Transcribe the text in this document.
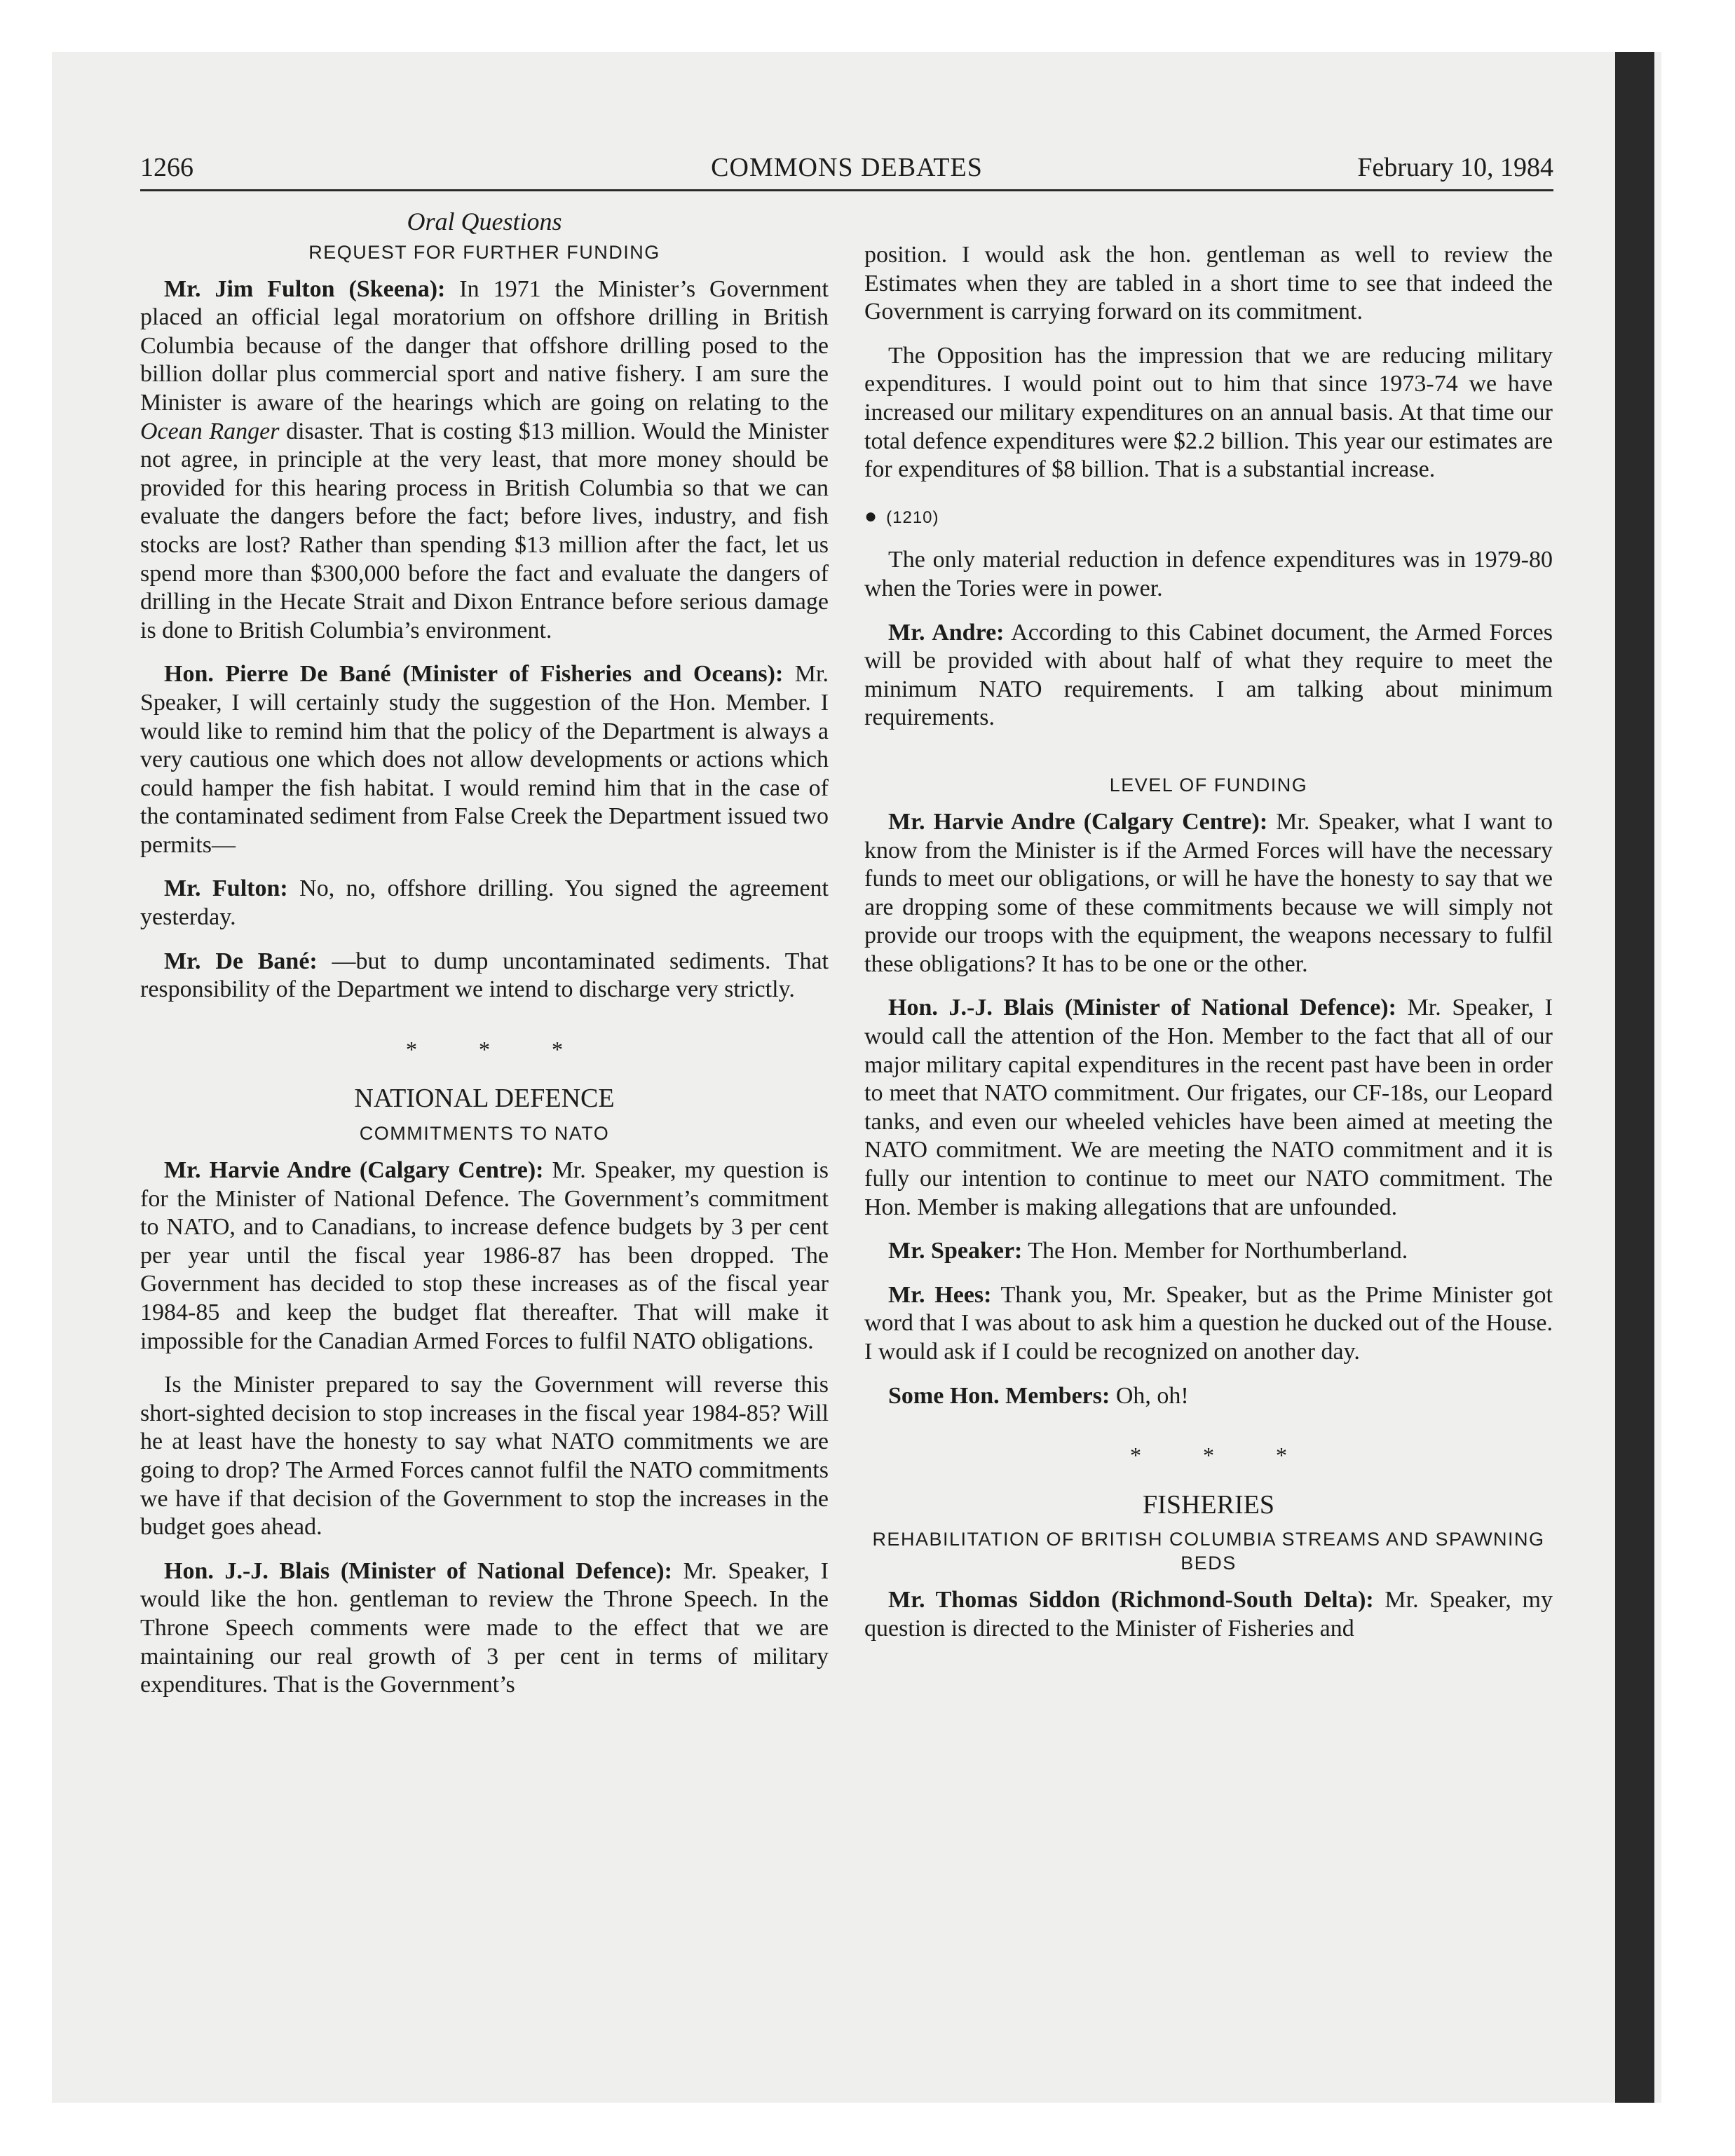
1266	COMMONS DEBATES	February 10, 1984
Oral Questions
REQUEST FOR FURTHER FUNDING

Mr. Jim Fulton (Skeena): In 1971 the Minister’s Government placed an official legal moratorium on offshore drilling in British Columbia because of the danger that offshore drilling posed to the billion dollar plus commercial sport and native fishery. I am sure the Minister is aware of the hearings which are going on relating to the Ocean Ranger disaster. That is costing $13 million. Would the Minister not agree, in principle at the very least, that more money should be provided for this hearing process in British Columbia so that we can evaluate the dangers before the fact; before lives, industry, and fish stocks are lost? Rather than spending $13 million after the fact, let us spend more than $300,000 before the fact and evaluate the dangers of drilling in the Hecate Strait and Dixon Entrance before serious damage is done to British Columbia’s environment.

Hon. Pierre De Bané (Minister of Fisheries and Oceans): Mr. Speaker, I will certainly study the suggestion of the Hon. Member. I would like to remind him that the policy of the Department is always a very cautious one which does not allow developments or actions which could hamper the fish habitat. I would remind him that in the case of the contaminated sediment from False Creek the Department issued two permits—

Mr. Fulton: No, no, offshore drilling. You signed the agreement yesterday.

Mr. De Bané: —but to dump uncontaminated sediments. That responsibility of the Department we intend to discharge very strictly.

* * *
NATIONAL DEFENCE
COMMITMENTS TO NATO

Mr. Harvie Andre (Calgary Centre): Mr. Speaker, my question is for the Minister of National Defence. The Government’s commitment to NATO, and to Canadians, to increase defence budgets by 3 per cent per year until the fiscal year 1986-87 has been dropped. The Government has decided to stop these increases as of the fiscal year 1984-85 and keep the budget flat thereafter. That will make it impossible for the Canadian Armed Forces to fulfil NATO obligations.

Is the Minister prepared to say the Government will reverse this short-sighted decision to stop increases in the fiscal year 1984-85? Will he at least have the honesty to say what NATO commitments we are going to drop? The Armed Forces cannot fulfil the NATO commitments we have if that decision of the Government to stop the increases in the budget goes ahead.

Hon. J.-J. Blais (Minister of National Defence): Mr. Speaker, I would like the hon. gentleman to review the Throne Speech. In the Throne Speech comments were made to the effect that we are maintaining our real growth of 3 per cent in terms of military expenditures. That is the Government’s

position. I would ask the hon. gentleman as well to review the Estimates when they are tabled in a short time to see that indeed the Government is carrying forward on its commitment.

The Opposition has the impression that we are reducing military expenditures. I would point out to him that since 1973-74 we have increased our military expenditures on an annual basis. At that time our total defence expenditures were $2.2 billion. This year our estimates are for expenditures of $8 billion. That is a substantial increase.

● (1210)

The only material reduction in defence expenditures was in 1979-80 when the Tories were in power.

Mr. Andre: According to this Cabinet document, the Armed Forces will be provided with about half of what they require to meet the minimum NATO requirements. I am talking about minimum requirements.

LEVEL OF FUNDING

Mr. Harvie Andre (Calgary Centre): Mr. Speaker, what I want to know from the Minister is if the Armed Forces will have the necessary funds to meet our obligations, or will he have the honesty to say that we are dropping some of these commitments because we will simply not provide our troops with the equipment, the weapons necessary to fulfil these obligations? It has to be one or the other.

Hon. J.-J. Blais (Minister of National Defence): Mr. Speaker, I would call the attention of the Hon. Member to the fact that all of our major military capital expenditures in the recent past have been in order to meet that NATO commitment. Our frigates, our CF-18s, our Leopard tanks, and even our wheeled vehicles have been aimed at meeting the NATO commitment. We are meeting the NATO commitment and it is fully our intention to continue to meet our NATO commitment. The Hon. Member is making allegations that are unfounded.

Mr. Speaker: The Hon. Member for Northumberland.

Mr. Hees: Thank you, Mr. Speaker, but as the Prime Minister got word that I was about to ask him a question he ducked out of the House. I would ask if I could be recognized on another day.

Some Hon. Members: Oh, oh!

* * *
FISHERIES
REHABILITATION OF BRITISH COLUMBIA STREAMS AND SPAWNING BEDS

Mr. Thomas Siddon (Richmond-South Delta): Mr. Speaker, my question is directed to the Minister of Fisheries and
